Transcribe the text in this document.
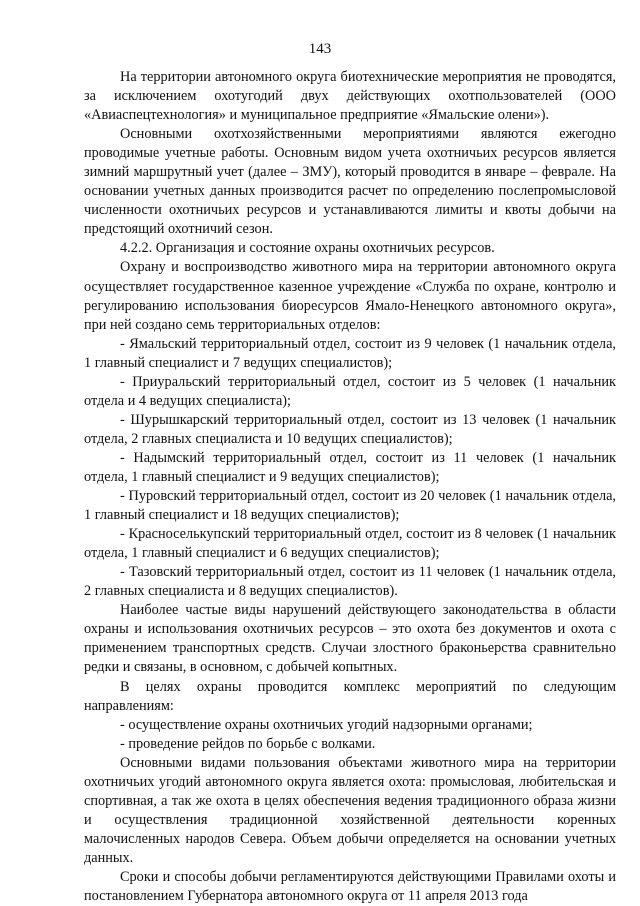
143

На территории автономного округа биотехнические мероприятия не проводятся, за исключением охотугодий двух действующих охотпользователей (ООО «Авиаспецтехнология» и муниципальное предприятие «Ямальские олени»).

Основными охотхозяйственными мероприятиями являются ежегодно проводимые учетные работы. Основным видом учета охотничьих ресурсов является зимний маршрутный учет (далее – ЗМУ), который проводится в январе – феврале. На основании учетных данных производится расчет по определению послепромысловой численности охотничьих ресурсов и устанавливаются лимиты и квоты добычи на предстоящий охотничий сезон.

4.2.2. Организация и состояние охраны охотничьих ресурсов.

Охрану и воспроизводство животного мира на территории автономного округа осуществляет государственное казенное учреждение «Служба по охране, контролю и регулированию использования биоресурсов Ямало-Ненецкого автономного округа», при ней создано семь территориальных отделов:

- Ямальский территориальный отдел, состоит из 9 человек (1 начальник отдела, 1 главный специалист и 7 ведущих специалистов);

- Приуральский территориальный отдел, состоит из 5 человек (1 начальник отдела и 4 ведущих специалиста);

- Шурышкарский территориальный отдел, состоит из 13 человек (1 начальник отдела, 2 главных специалиста и 10 ведущих специалистов);

- Надымский территориальный отдел, состоит из 11 человек (1 начальник отдела, 1 главный специалист и 9 ведущих специалистов);

- Пуровский территориальный отдел, состоит из 20 человек (1 начальник отдела, 1 главный специалист и 18 ведущих специалистов);

- Красноселькупский территориальный отдел, состоит из 8 человек (1 начальник отдела, 1 главный специалист и 6 ведущих специалистов);

- Тазовский территориальный отдел, состоит из 11 человек (1 начальник отдела, 2 главных специалиста и 8 ведущих специалистов).

Наиболее частые виды нарушений действующего законодательства в области охраны и использования охотничьих ресурсов – это охота без документов и охота с применением транспортных средств. Случаи злостного браконьерства сравнительно редки и связаны, в основном, с добычей копытных.

В целях охраны проводится комплекс мероприятий по следующим направлениям:

- осуществление охраны охотничьих угодий надзорными органами;

- проведение рейдов по борьбе с волками.

Основными видами пользования объектами животного мира на территории охотничьих угодий автономного округа является охота: промысловая, любительская и спортивная, а так же охота в целях обеспечения ведения традиционного образа жизни и осуществления традиционной хозяйственной деятельности коренных малочисленных народов Севера. Объем добычи определяется на основании учетных данных.

Сроки и способы добычи регламентируются действующими Правилами охоты и постановлением Губернатора автономного округа от 11 апреля 2013 года
